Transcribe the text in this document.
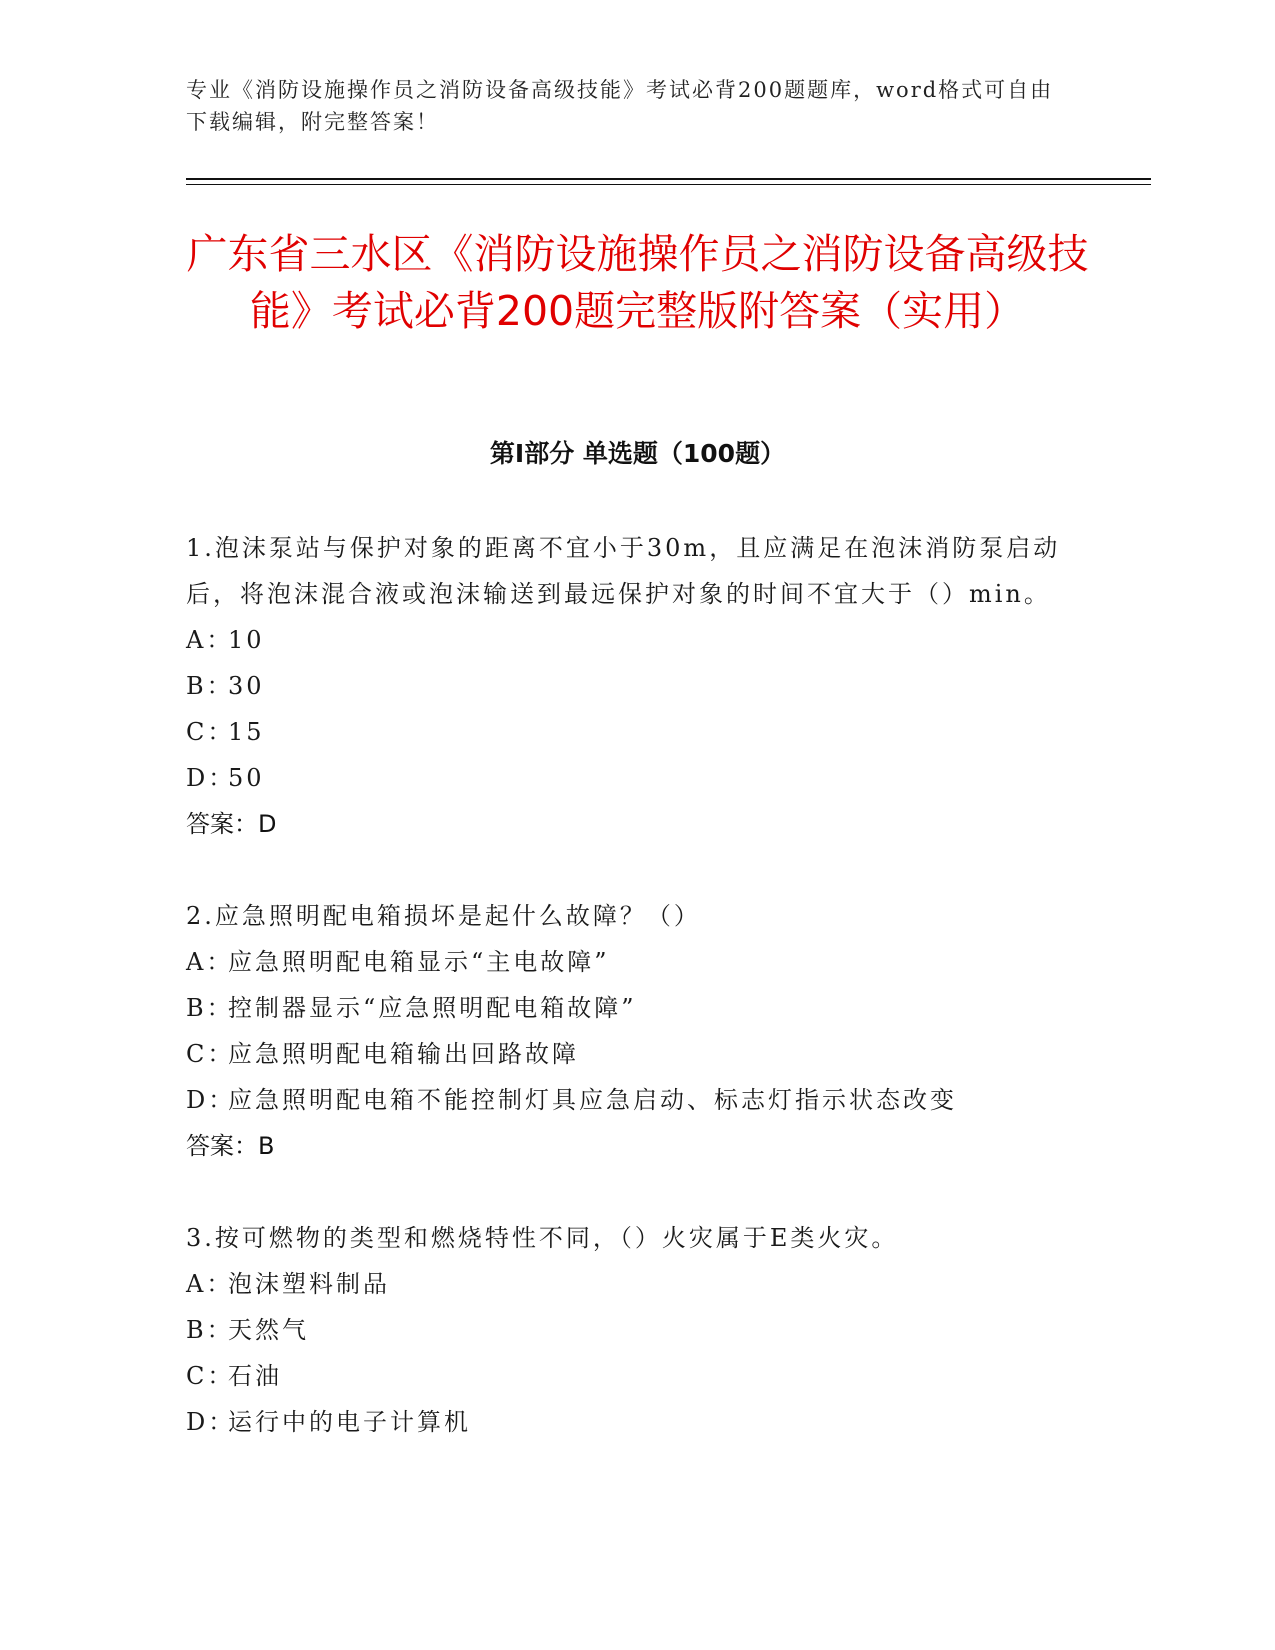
专业《消防设施操作员之消防设备高级技能》考试必背200题题库，word格式可自由下载编辑，附完整答案！
广东省三水区《消防设施操作员之消防设备高级技能》考试必背200题完整版附答案（实用）
第I部分 单选题（100题）

1.泡沫泵站与保护对象的距离不宜小于30m，且应满足在泡沫消防泵启动后，将泡沫混合液或泡沫输送到最远保护对象的时间不宜大于（）min。

A：10

B：30

C：15

D：50

答案：D

2.应急照明配电箱损坏是起什么故障？（）

A：应急照明配电箱显示“主电故障”

B：控制器显示“应急照明配电箱故障”

C：应急照明配电箱输出回路故障

D：应急照明配电箱不能控制灯具应急启动、标志灯指示状态改变

答案：B

3.按可燃物的类型和燃烧特性不同，（）火灾属于E类火灾。

A：泡沫塑料制品

B：天然气

C：石油

D：运行中的电子计算机
